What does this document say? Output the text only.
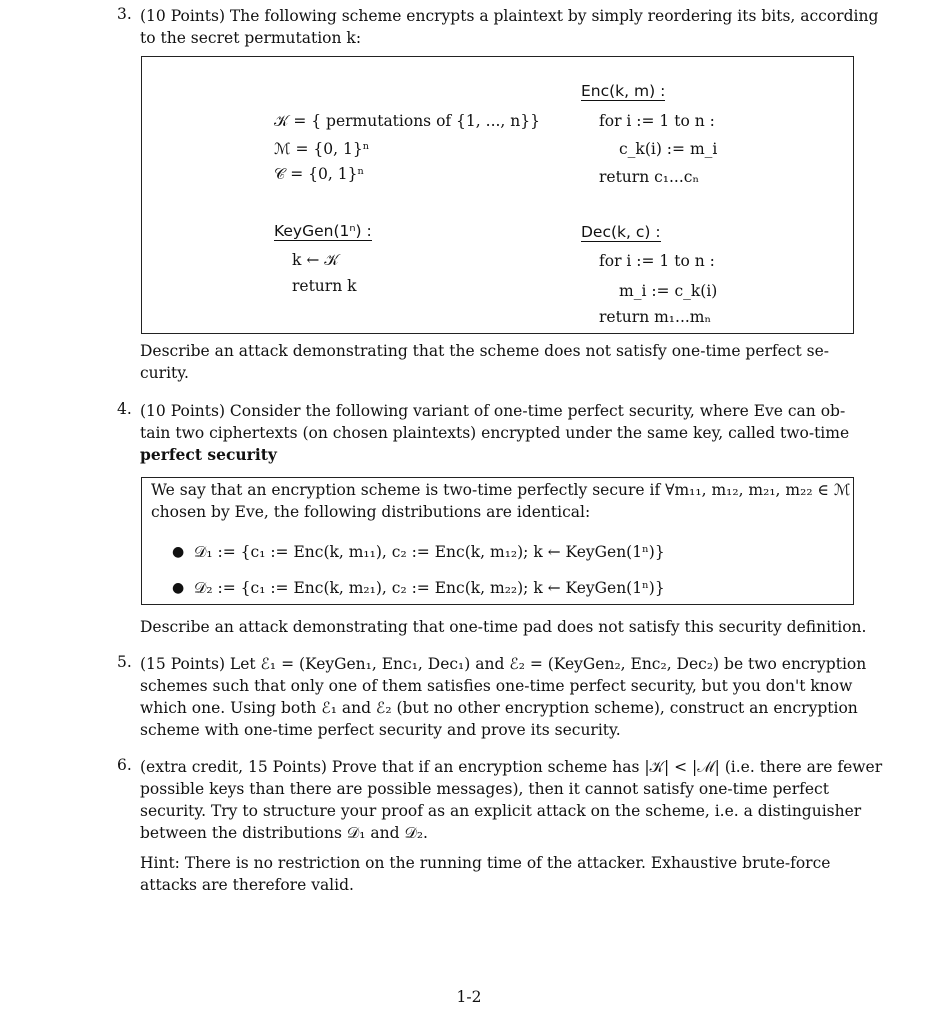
3. (10 Points) The following scheme encrypts a plaintext by simply reordering its bits, according
to the secret permutation k:
𝒦 = { permutations of {1, ..., n}}
ℳ = {0, 1}ⁿ
𝒞 = {0, 1}ⁿ
Enc(k, m) :
for i := 1 to n :
c_k(i) := m_i
return c₁...cₙ
KeyGen(1ⁿ) :
k ← 𝒦
return k
Dec(k, c) :
for i := 1 to n :
m_i := c_k(i)
return m₁...mₙ
Describe an attack demonstrating that the scheme does not satisfy one-time perfect se-
curity.
4. (10 Points) Consider the following variant of one-time perfect security, where Eve can ob-
tain two ciphertexts (on chosen plaintexts) encrypted under the same key, called two-time
perfect security
We say that an encryption scheme is two-time perfectly secure if ∀m₁₁, m₁₂, m₂₁, m₂₂ ∈ ℳ
chosen by Eve, the following distributions are identical:
● 𝒟₁ := {c₁ := Enc(k, m₁₁), c₂ := Enc(k, m₁₂); k ← KeyGen(1ⁿ)}
● 𝒟₂ := {c₁ := Enc(k, m₂₁), c₂ := Enc(k, m₂₂); k ← KeyGen(1ⁿ)}
Describe an attack demonstrating that one-time pad does not satisfy this security definition.
5. (15 Points) Let ℰ₁ = (KeyGen₁, Enc₁, Dec₁) and ℰ₂ = (KeyGen₂, Enc₂, Dec₂) be two encryption
schemes such that only one of them satisfies one-time perfect security, but you don't know
which one. Using both ℰ₁ and ℰ₂ (but no other encryption scheme), construct an encryption
scheme with one-time perfect security and prove its security.
6. (extra credit, 15 Points) Prove that if an encryption scheme has |𝒦| < |ℳ| (i.e. there are fewer
possible keys than there are possible messages), then it cannot satisfy one-time perfect
security. Try to structure your proof as an explicit attack on the scheme, i.e. a distinguisher
between the distributions 𝒟₁ and 𝒟₂.
Hint: There is no restriction on the running time of the attacker. Exhaustive brute-force
attacks are therefore valid.
1-2
